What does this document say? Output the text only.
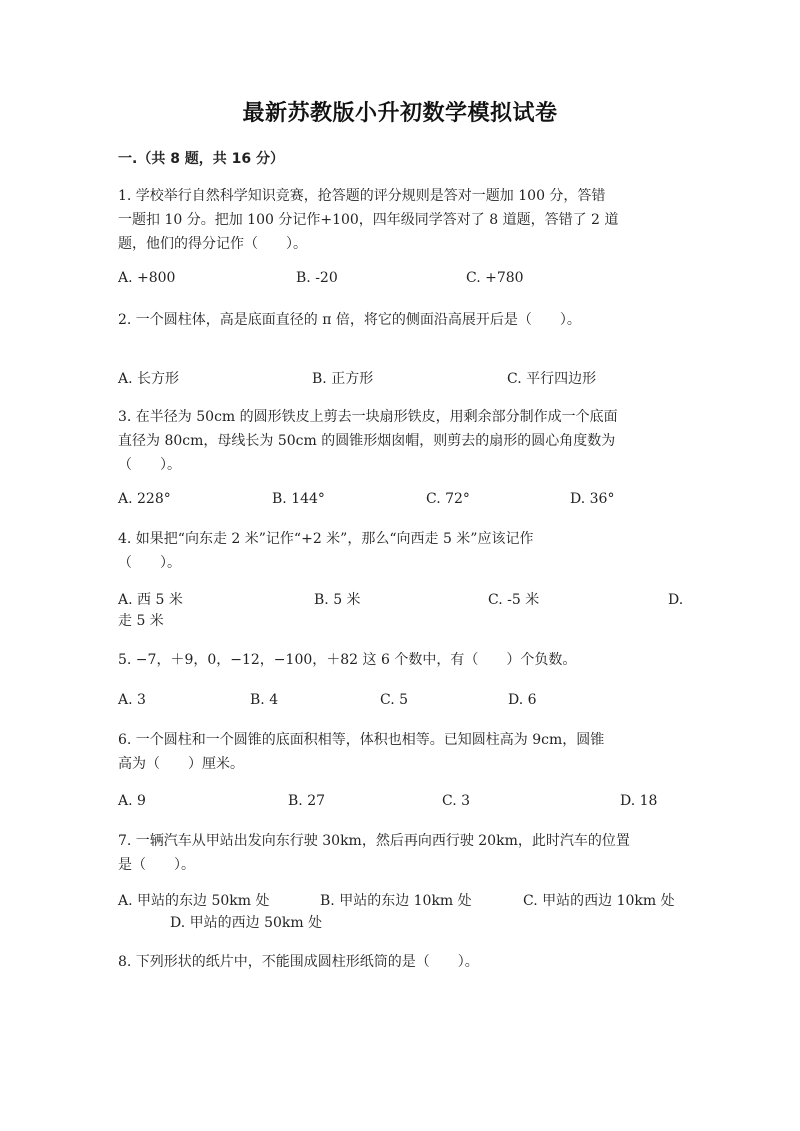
最新苏教版小升初数学模拟试卷
一.（共 8 题，共 16 分）
1. 学校举行自然科学知识竞赛，抢答题的评分规则是答对一题加 100 分，答错
一题扣 10 分。把加 100 分记作+100，四年级同学答对了 8 道题，答错了 2 道
题，他们的得分记作（　　）。
A. +800	B. -20	C. +780
2. 一个圆柱体，高是底面直径的 π 倍，将它的侧面沿高展开后是（　　）。
A. 长方形	B. 正方形	C. 平行四边形
3. 在半径为 50cm 的圆形铁皮上剪去一块扇形铁皮，用剩余部分制作成一个底面
直径为 80cm，母线长为 50cm 的圆锥形烟囱帽，则剪去的扇形的圆心角度数为
（　　）。
A. 228°	B. 144°	C. 72°	D. 36°
4. 如果把“向东走 2 米”记作“+2 米”，那么“向西走 5 米”应该记作
（　　）。
A. 西 5 米	B. 5 米	C. -5 米	D.
走 5 米
5. −7，＋9，0，−12，−100，＋82 这 6 个数中，有（　　）个负数。
A. 3	B. 4	C. 5	D. 6
6. 一个圆柱和一个圆锥的底面积相等，体积也相等。已知圆柱高为 9cm，圆锥
高为（　　）厘米。
A. 9	B. 27	C. 3	D. 18
7. 一辆汽车从甲站出发向东行驶 30km，然后再向西行驶 20km，此时汽车的位置
是（　　）。
A. 甲站的东边 50km 处	B. 甲站的东边 10km 处	C. 甲站的西边 10km 处
D. 甲站的西边 50km 处
8. 下列形状的纸片中，不能围成圆柱形纸筒的是（　　）。
